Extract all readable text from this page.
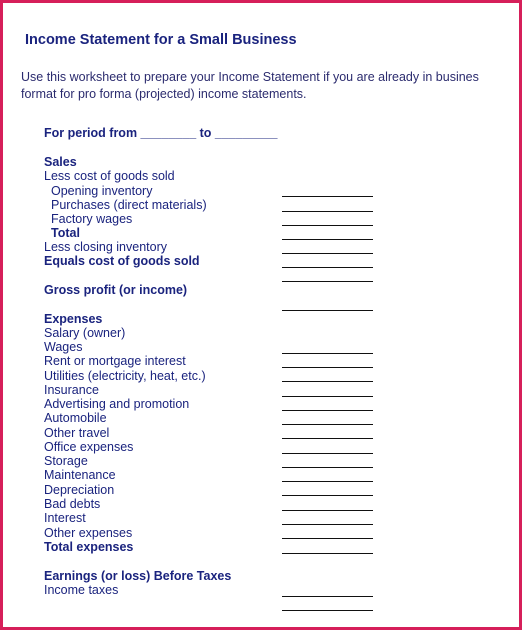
Income Statement for a Small Business
Use this worksheet to prepare your Income Statement if you are already in busines
format for pro forma (projected) income statements.
For period from ________ to _________
Sales
Less cost of goods sold
Opening inventory
Purchases (direct materials)
Factory wages
Total
Less closing inventory
Equals cost of goods sold
Gross profit (or income)
Expenses
Salary (owner)
Wages
Rent or mortgage interest
Utilities (electricity, heat, etc.)
Insurance
Advertising and promotion
Automobile
Other travel
Office expenses
Storage
Maintenance
Depreciation
Bad debts
Interest
Other expenses
Total expenses
Earnings (or loss) Before Taxes
Income taxes
